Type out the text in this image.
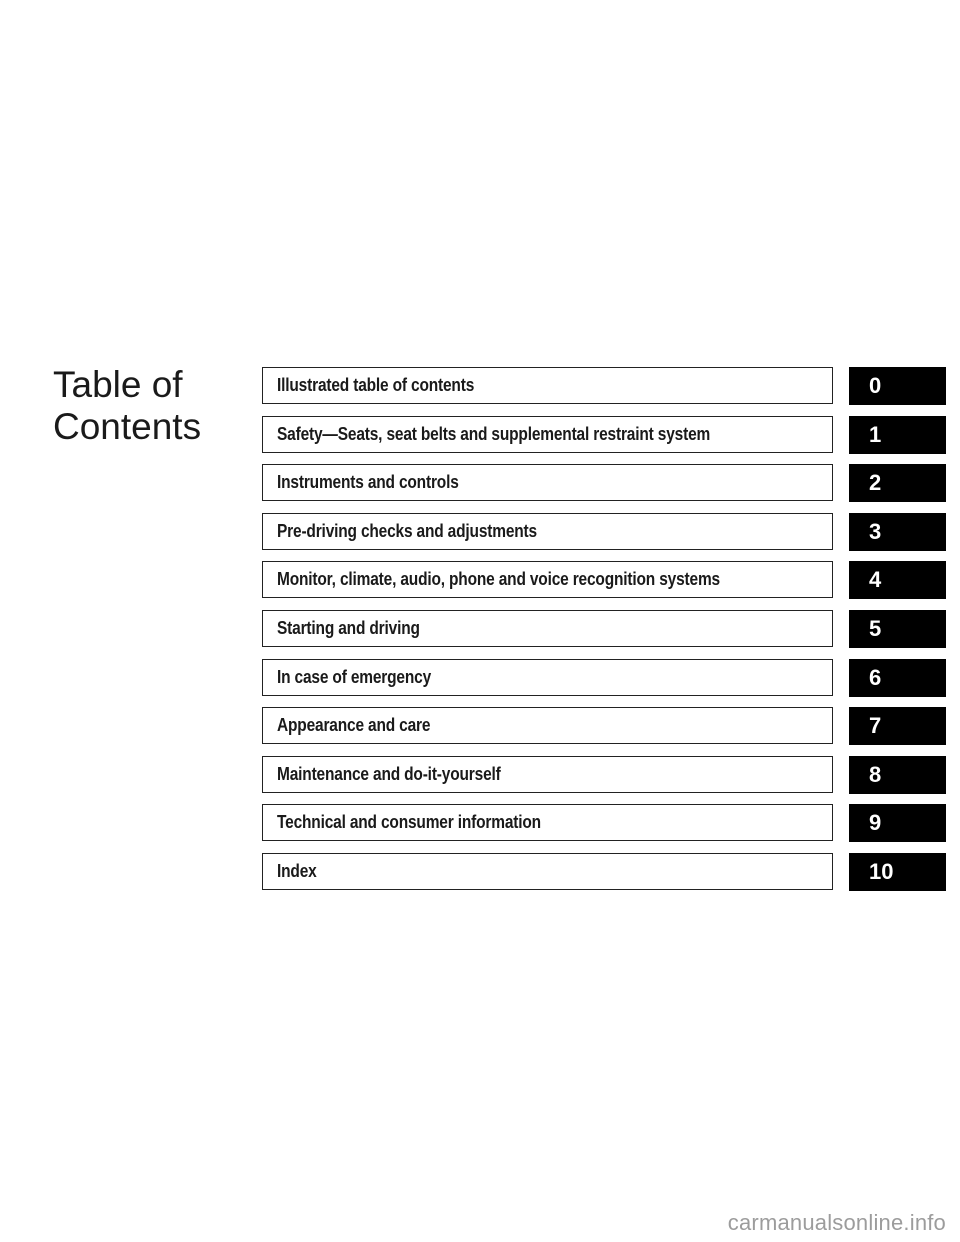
Table of
Contents
Illustrated table of contents	0
Safety—Seats, seat belts and supplemental restraint system	1
Instruments and controls	2
Pre-driving checks and adjustments	3
Monitor, climate, audio, phone and voice recognition systems	4
Starting and driving	5
In case of emergency	6
Appearance and care	7
Maintenance and do-it-yourself	8
Technical and consumer information	9
Index	10
carmanualsonline.info
